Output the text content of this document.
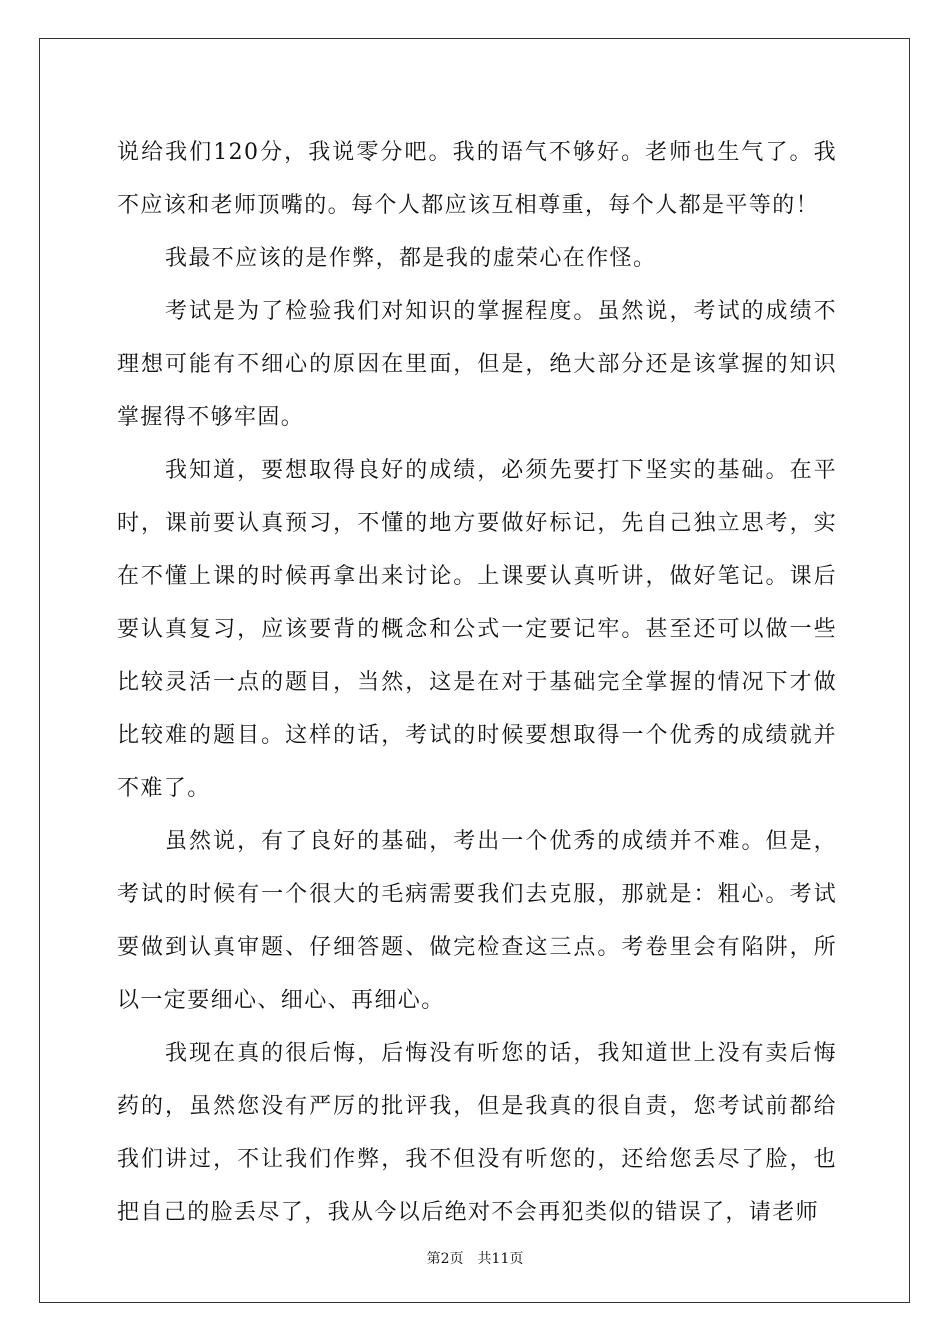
说给我们120分，我说零分吧。我的语气不够好。老师也生气了。我不应该和老师顶嘴的。每个人都应该互相尊重，每个人都是平等的！

我最不应该的是作弊，都是我的虚荣心在作怪。

考试是为了检验我们对知识的掌握程度。虽然说，考试的成绩不理想可能有不细心的原因在里面，但是，绝大部分还是该掌握的知识掌握得不够牢固。

我知道，要想取得良好的成绩，必须先要打下坚实的基础。在平时，课前要认真预习，不懂的地方要做好标记，先自己独立思考，实在不懂上课的时候再拿出来讨论。上课要认真听讲，做好笔记。课后要认真复习，应该要背的概念和公式一定要记牢。甚至还可以做一些比较灵活一点的题目，当然，这是在对于基础完全掌握的情况下才做比较难的题目。这样的话，考试的时候要想取得一个优秀的成绩就并不难了。

虽然说，有了良好的基础，考出一个优秀的成绩并不难。但是，考试的时候有一个很大的毛病需要我们去克服，那就是：粗心。考试要做到认真审题、仔细答题、做完检查这三点。考卷里会有陷阱，所以一定要细心、细心、再细心。

我现在真的很后悔，后悔没有听您的话，我知道世上没有卖后悔药的，虽然您没有严厉的批评我，但是我真的很自责，您考试前都给我们讲过，不让我们作弊，我不但没有听您的，还给您丢尽了脸，也把自己的脸丢尽了，我从今以后绝对不会再犯类似的错误了，请老师

第2页 共11页
